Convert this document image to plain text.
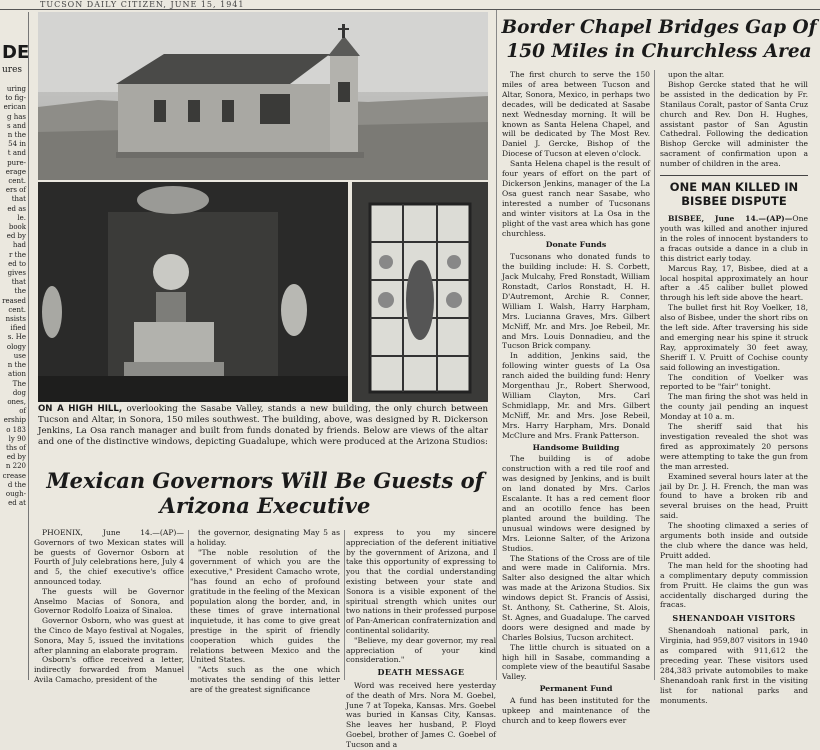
TUCSON DAILY CITIZEN, JUNE 15, 1941
DE
ures

uring

to fig-

erican

g has

s and

n the

54 in

t and

pure-

erage

cent.

ers of

that

ed as

le.

book

ed by

had

r the

ed to

gives

that

the

reased

cent.

nsists

ified

s. He

ology

use

n the

ation

The

dog

ones,

of

ership

o 183

ly 90

ths of

ed by

n 220

crease

d the

ough-

ed at

ON A HIGH HILL, overlooking the Sasabe Valley, stands a new building, the only church between Tucson and Altar, in Sonora, 150 miles southwest. The building, above, was designed by R. Dickerson Jenkins, La Osa ranch manager and built from funds donated by friends. Below are views of the altar and one of the distinctive windows, depicting Guadalupe, which were produced at the Arizona Studios:
Mexican Governors Will Be Guests of Arizona Executive

PHOENIX, June 14.—(AP)—Governors of two Mexican states will be guests of Governor Osborn at Fourth of July celebrations here, July 4 and 5, the chief executive's office announced today.

The guests will be Governor Anselmo Macias of Sonora, and Governor Rodolfo Loaiza of Sinaloa.

Governor Osborn, who was guest at the Cinco de Mayo festival at Nogales, Sonora, May 5, issued the invitations after planning an elaborate program.

Osborn's office received a letter, indirectly forwarded from Manuel Avila Camacho, president of the

the governor, designating May 5 as a holiday.

"The noble resolution of the government of which you are the executive," President Camacho wrote, "has found an echo of profound gratitude in the feeling of the Mexican population along the border, and, in these times of grave international inquietude, it has come to give great prestige in the spirit of friendly cooperation which guides the relations between Mexico and the United States.

"Acts such as the one which motivates the sending of this letter are of the greatest significance

express to you my sincere appreciation of the deferent initiative by the government of Arizona, and I take this opportunity of expressing to you that the cordial understanding existing between your state and Sonora is a visible exponent of the spiritual strength which unites our two nations in their professed purpose of Pan-American confraternization and continental solidarity.

"Believe, my dear governor, my real appreciation of your kind consideration."

DEATH MESSAGE

Word was received here yesterday of the death of Mrs. Nora M. Goebel, June 7 at Topeka, Kansas. Mrs. Goebel was buried in Kansas City, Kansas. She leaves her husband, P. Floyd Goebel, brother of James C. Goebel of Tucson and a

Border Chapel Bridges Gap Of 150 Miles in Churchless Area

The first church to serve the 150 miles of area between Tucson and Altar, Sonora, Mexico, in perhaps two decades, will be dedicated at Sasabe next Wednesday morning. It will be known as Santa Helena Chapel, and will be dedicated by The Most Rev. Daniel J. Gercke, Bishop of the Diocese of Tucson at eleven o'clock.

Santa Helena chapel is the result of four years of effort on the part of Dickerson Jenkins, manager of the La Osa guest ranch near Sasabe, who interested a number of Tucsonans and winter visitors at La Osa in the plight of the vast area which has gone churchless.

Donate Funds

Tucsonans who donated funds to the building include: H. S. Corbett, Jack Mulcahy, Fred Ronstadt, William Ronstadt, Carlos Ronstadt, H. H. D'Autremont, Archie R. Conner, William I. Walsh, Harry Harpham, Mrs. Lucianna Graves, Mrs. Gilbert McNiff, Mr. and Mrs. Joe Rebeil, Mr. and Mrs. Louis Donnadieu, and the Tucson Brick company.

In addition, Jenkins said, the following winter guests of La Osa ranch aided the building fund: Henry Morgenthau Jr., Robert Sherwood, William Clayton, Mrs. Carl Schmidlapp, Mr. and Mrs. Gilbert McNiff, Mr. and Mrs. Jose Rebeil, Mrs. Harry Harpham, Mrs. Donald McClure and Mrs. Frank Patterson.

Handsome Building

The building is of adobe construction with a red tile roof and was designed by Jenkins, and is built on land donated by Mrs. Carlos Escalante. It has a red cement floor and an ocotillo fence has been planted around the building. The unusual windows were designed by Mrs. Leionne Salter, of the Arizona Studios.

The Stations of the Cross are of tile and were made in California. Mrs. Salter also designed the altar which was made at the Arizona Studios. Six windows depict St. Francis of Assisi, St. Anthony, St. Catherine, St. Alois, St. Agnes, and Guadalupe. The carved doors were designed and made by Charles Bolsius, Tucson architect.

The little church is situated on a high hill in Sasabe, commanding a complete view of the beautiful Sasabe Valley.

Permanent Fund

A fund has been instituted for the upkeep and maintenance of the church and to keep flowers ever

upon the altar.

Bishop Gercke stated that he will be assisted in the dedication by Fr. Stanilaus Coralt, pastor of Santa Cruz church and Rev. Don H. Hughes, assistant pastor of San Agustin Cathedral. Following the dedication Bishop Gercke will administer the sacrament of confirmation upon a number of children in the area.

ONE MAN KILLED IN BISBEE DISPUTE

BISBEE, June 14.—(AP)—One youth was killed and another injured in the roles of innocent bystanders to a fracas outside a dance in a club in this district early today.

Marcus Ray, 17, Bisbee, died at a local hospital approximately an hour after a .45 caliber bullet plowed through his left side above the heart.

The bullet first hit Roy Voelker, 18, also of Bisbee, under the short ribs on the left side. After traversing his side and emerging near his spine it struck Ray, approximately 30 feet away, Sheriff I. V. Pruitt of Cochise county said following an investigation.

The condition of Voelker was reported to be "fair" tonight.

The man firing the shot was held in the county jail pending an inquest Monday at 10 a. m.

The sheriff said that his investigation revealed the shot was fired as approximately 20 persons were attempting to take the gun from the man arrested.

Examined several hours later at the jail by Dr. J. H. French, the man was found to have a broken rib and several bruises on the head, Pruitt said.

The shooting climaxed a series of arguments both inside and outside the club where the dance was held, Pruitt added.

The man held for the shooting had a complimentary deputy commission from Pruitt. He claims the gun was accidentally discharged during the fracas.

SHENANDOAH VISITORS

Shenandoah national park, in Virginia, had 959,807 visitors in 1940 as compared with 911,612 the preceding year. These visitors used 284,383 private automobiles to make Shenandoah rank first in the visiting list for national parks and monuments.
